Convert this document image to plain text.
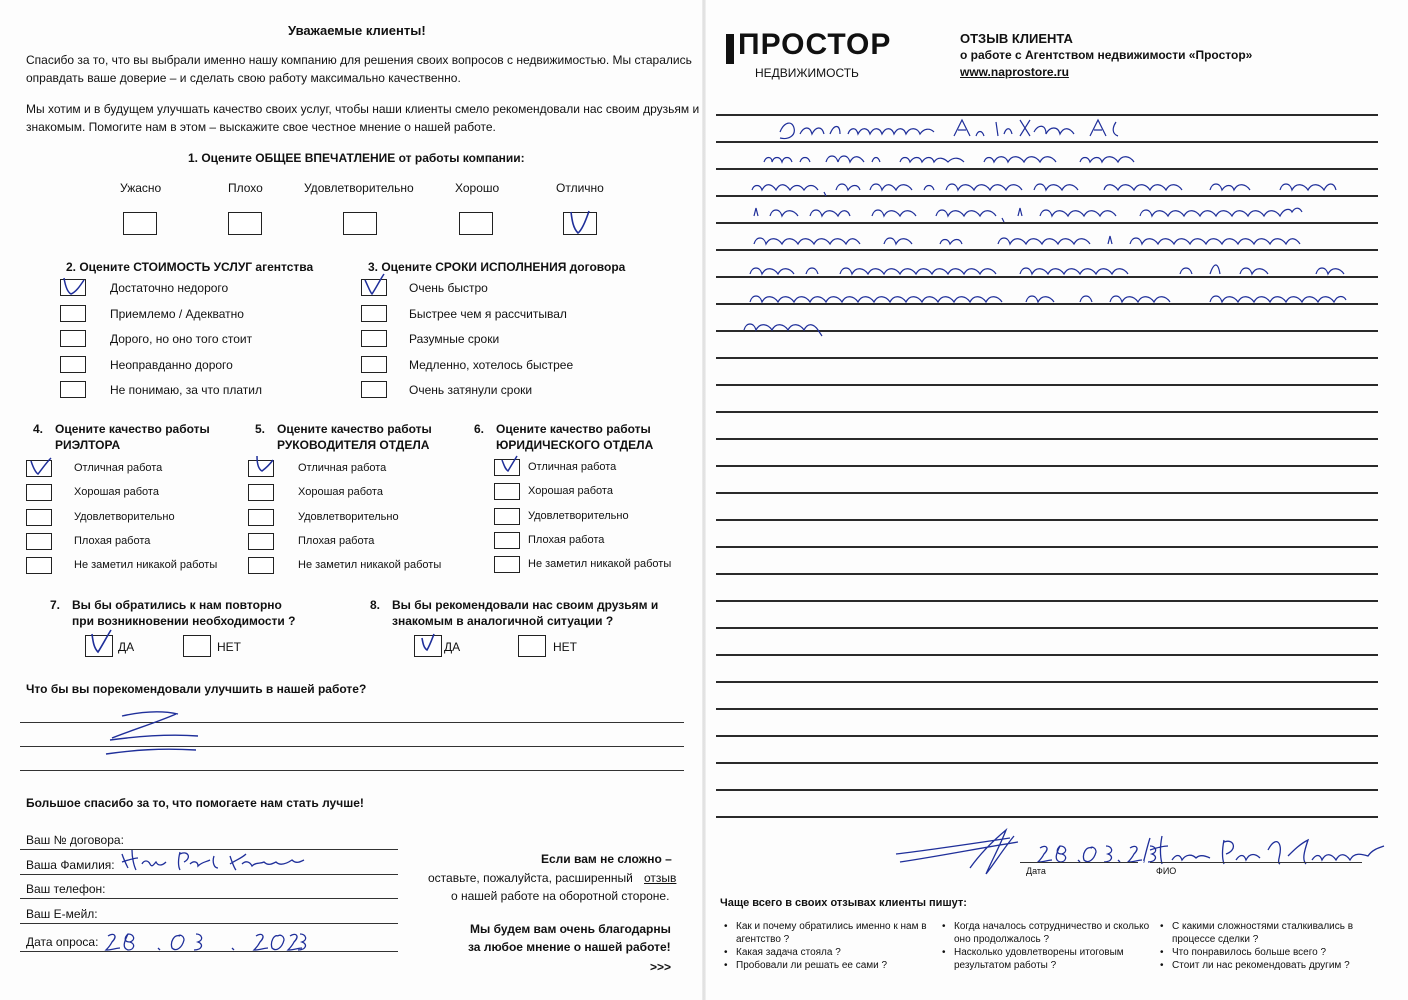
Уважаемые клиенты!
Спасибо за то, что вы выбрали именно нашу компанию для решения своих вопросов с недвижимостью. Мы старались
оправдать ваше доверие – и сделать свою работу максимально качественно.
Мы хотим и в будущем улучшать качество своих услуг, чтобы наши клиенты смело рекомендовали нас своим друзьям и
знакомым. Помогите нам в этом – выскажите свое честное мнение о нашей работе.
1. Оцените ОБЩЕЕ ВПЕЧАТЛЕНИЕ от работы компании:
Ужасно	Плохо	Удовлетворительно	Хорошо	Отлично
2. Оцените СТОИМОСТЬ УСЛУГ агентства
Достаточно недорого
Приемлемо / Адекватно
Дорого, но оно того стоит
Неоправданно дорого
Не понимаю, за что платил
3. Оцените СРОКИ ИСПОЛНЕНИЯ договора
Очень быстро
Быстрее чем я рассчитывал
Разумные сроки
Медленно, хотелось быстрее
Очень затянули сроки
4. Оцените качество работы
РИЭЛТОРА
5. Оцените качество работы
РУКОВОДИТЕЛЯ ОТДЕЛА
6. Оцените качество работы
ЮРИДИЧЕСКОГО ОТДЕЛА
Отличная работа
Хорошая работа
Удовлетворительно
Плохая работа
Не заметил никакой работы
Отличная работа
Хорошая работа
Удовлетворительно
Плохая работа
Не заметил никакой работы
Отличная работа
Хорошая работа
Удовлетворительно
Плохая работа
Не заметил никакой работы
7. Вы бы обратились к нам повторно
при возникновении необходимости ?
ДА	НЕТ
8. Вы бы рекомендовали нас своим друзьям и
знакомым в аналогичной ситуации ?
ДА	НЕТ
Что бы вы порекомендовали улучшить в нашей работе?
Большое спасибо за то, что помогаете нам стать лучше!
Ваш № договора:
Ваша Фамилия:
Ваш телефон:
Ваш Е-мейл:
Дата опроса:
Если вам не сложно –
оставьте, пожалуйста, расширенный отзыв
о нашей работе на оборотной стороне.
Мы будем вам очень благодарны
за любое мнение о нашей работе!
>>>
ПРОСТОР
НЕДВИЖИМОСТЬ
ОТЗЫВ КЛИЕНТА
о работе с Агентством недвижимости «Простор»
www.naprostore.ru
,
Дата	ФИО
Чаще всего в своих отзывах клиенты пишут:
• Как и почему обратились именно к нам в
агентство ?
• Какая задача стояла ?
• Пробовали ли решать ее сами ?
• Когда началось сотрудничество и сколько
оно продолжалось ?
• Насколько удовлетворены итоговым
результатом работы ?
• С какими сложностями сталкивались в
процессе сделки ?
• Что понравилось больше всего ?
• Стоит ли нас рекомендовать другим ?
